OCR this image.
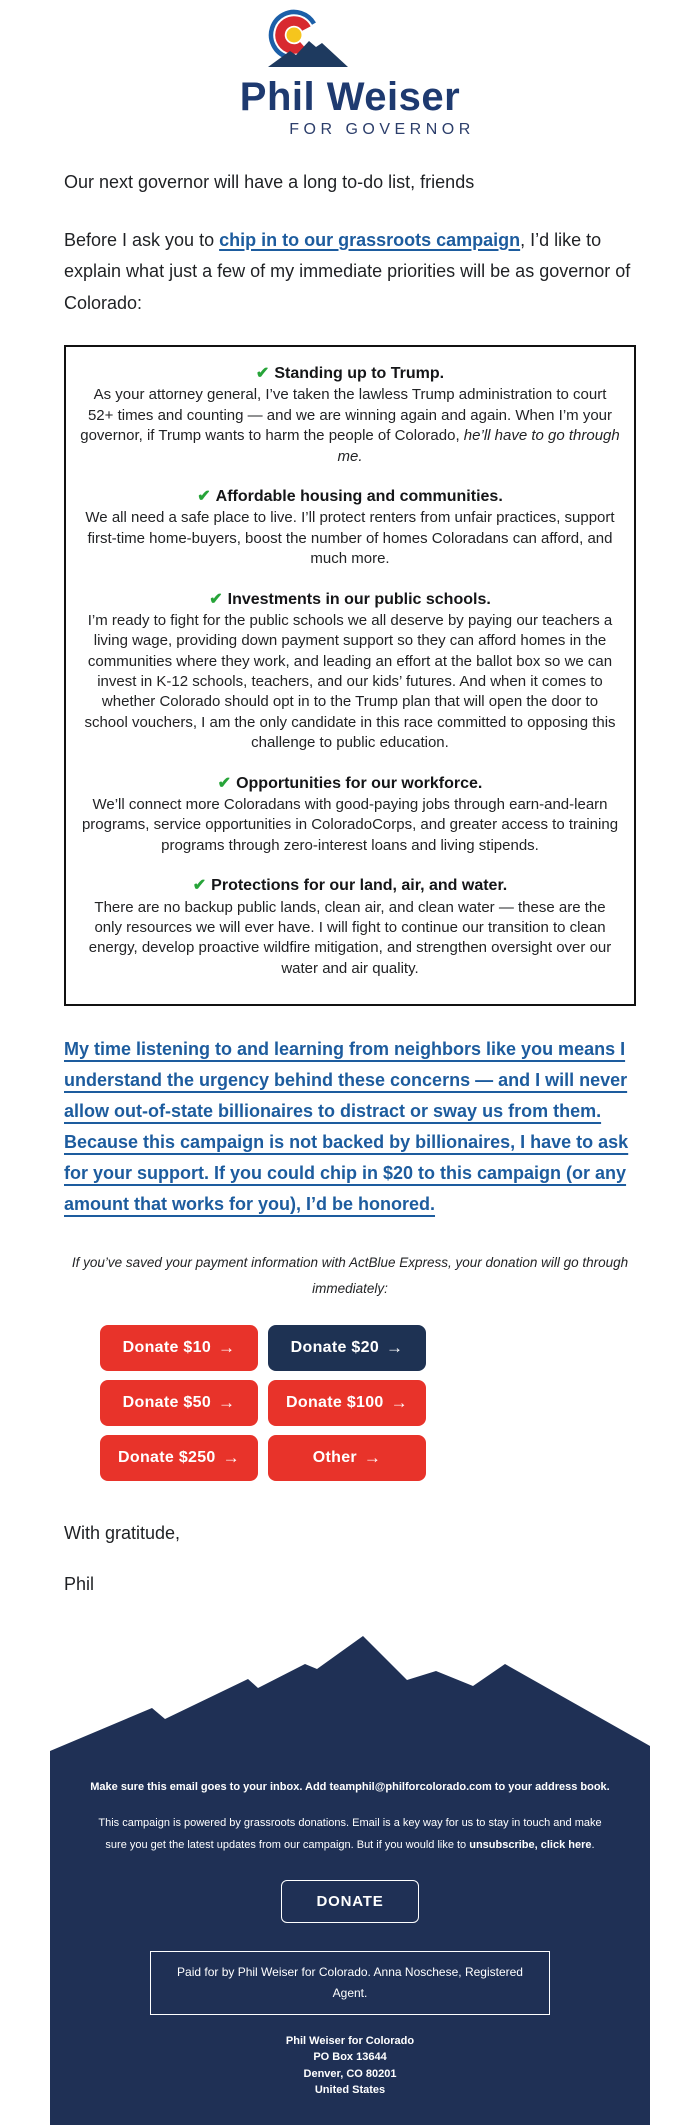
Phil Weiser
FOR GOVERNOR

Our next governor will have a long to-do list, friends

Before I ask you to chip in to our grassroots campaign, I’d like to explain what just a few of my immediate priorities will be as governor of Colorado:

✔ Standing up to Trump.
As your attorney general, I’ve taken the lawless Trump administration to court 52+ times and counting — and we are winning again and again. When I’m your governor, if Trump wants to harm the people of Colorado, he’ll have to go through me.
✔ Affordable housing and communities.
We all need a safe place to live. I’ll protect renters from unfair practices, support first-time home-buyers, boost the number of homes Coloradans can afford, and much more.
✔ Investments in our public schools.
I’m ready to fight for the public schools we all deserve by paying our teachers a living wage, providing down payment support so they can afford homes in the communities where they work, and leading an effort at the ballot box so we can invest in K-12 schools, teachers, and our kids’ futures. And when it comes to whether Colorado should opt in to the Trump plan that will open the door to school vouchers, I am the only candidate in this race committed to opposing this challenge to public education.
✔ Opportunities for our workforce.
We’ll connect more Coloradans with good-paying jobs through earn-and-learn programs, service opportunities in ColoradoCorps, and greater access to training programs through zero-interest loans and living stipends.
✔ Protections for our land, air, and water.
There are no backup public lands, clean air, and clean water — these are the only resources we will ever have. I will fight to continue our transition to clean energy, develop proactive wildfire mitigation, and strengthen oversight over our water and air quality.

My time listening to and learning from neighbors like you means I understand the urgency behind these concerns — and I will never allow out-of-state billionaires to distract or sway us from them. Because this campaign is not backed by billionaires, I have to ask for your support. If you could chip in $20 to this campaign (or any amount that works for you), I’d be honored.

If you’ve saved your payment information with ActBlue Express, your donation will go through immediately:

Donate $10 →	Donate $20 →
Donate $50 →	Donate $100 →
Donate $250 →	Other →

With gratitude,

Phil

Make sure this email goes to your inbox. Add teamphil@philforcolorado.com to your address book.

This campaign is powered by grassroots donations. Email is a key way for us to stay in touch and make sure you get the latest updates from our campaign. But if you would like to unsubscribe, click here.

DONATE
Paid for by Phil Weiser for Colorado. Anna Noschese, Registered Agent.
Phil Weiser for Colorado
PO Box 13644
Denver, CO 80201
United States
